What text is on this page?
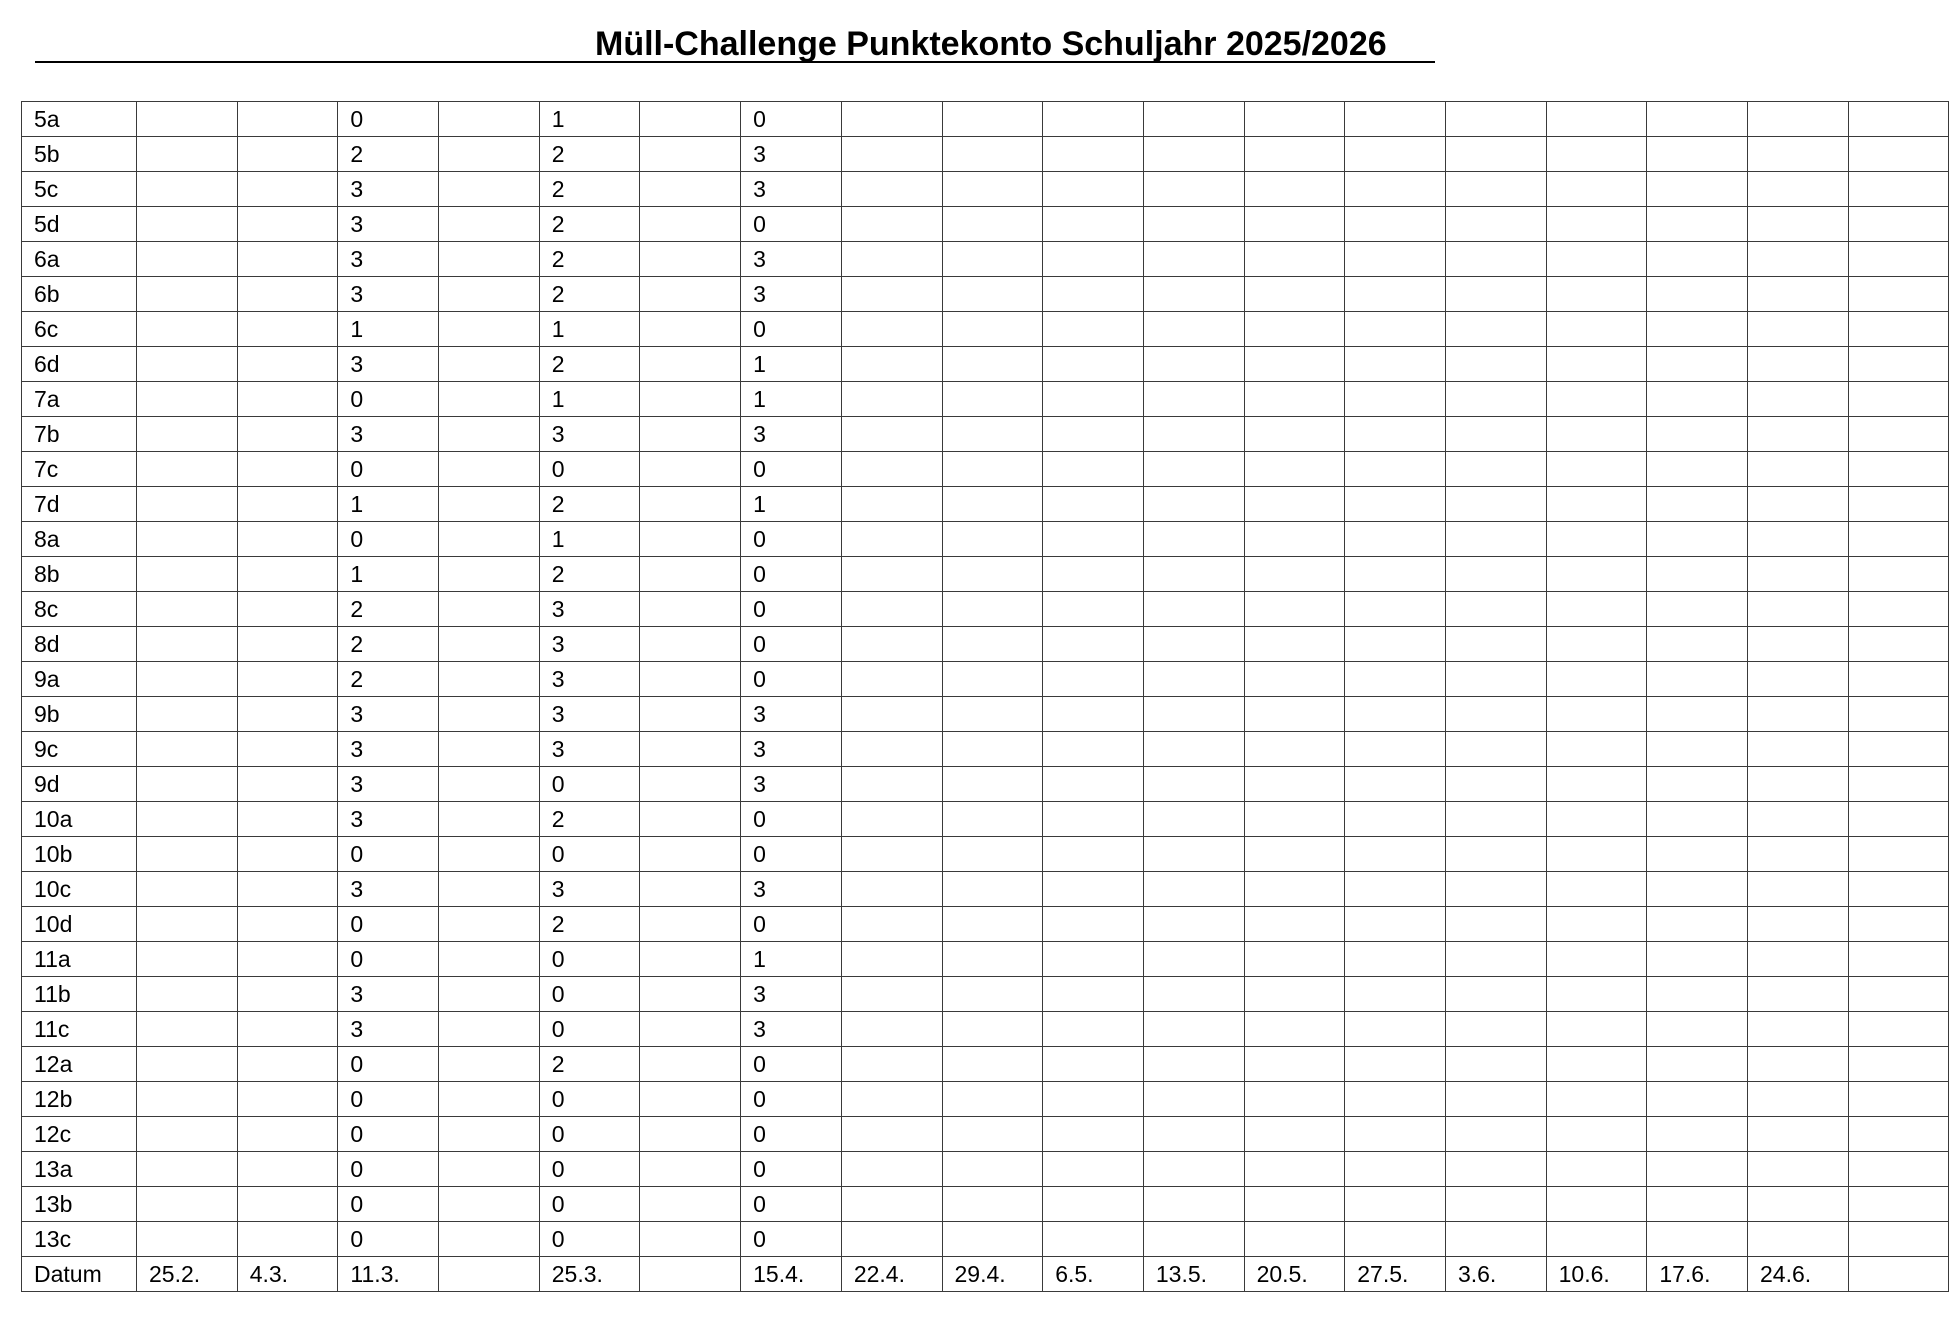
Müll-Challenge Punktekonto Schuljahr 2025/2026
5a			0		1		0											
5b			2		2		3											
5c			3		2		3											
5d			3		2		0											
6a			3		2		3											
6b			3		2		3											
6c			1		1		0											
6d			3		2		1											
7a			0		1		1											
7b			3		3		3											
7c			0		0		0											
7d			1		2		1											
8a			0		1		0											
8b			1		2		0											
8c			2		3		0											
8d			2		3		0											
9a			2		3		0											
9b			3		3		3											
9c			3		3		3											
9d			3		0		3											
10a			3		2		0											
10b			0		0		0											
10c			3		3		3											
10d			0		2		0											
11a			0		0		1											
11b			3		0		3											
11c			3		0		3											
12a			0		2		0											
12b			0		0		0											
12c			0		0		0											
13a			0		0		0											
13b			0		0		0											
13c			0		0		0											
Datum	25.2.	4.3.	11.3.		25.3.		15.4.	22.4.	29.4.	6.5.	13.5.	20.5.	27.5.	3.6.	10.6.	17.6.	24.6.	
